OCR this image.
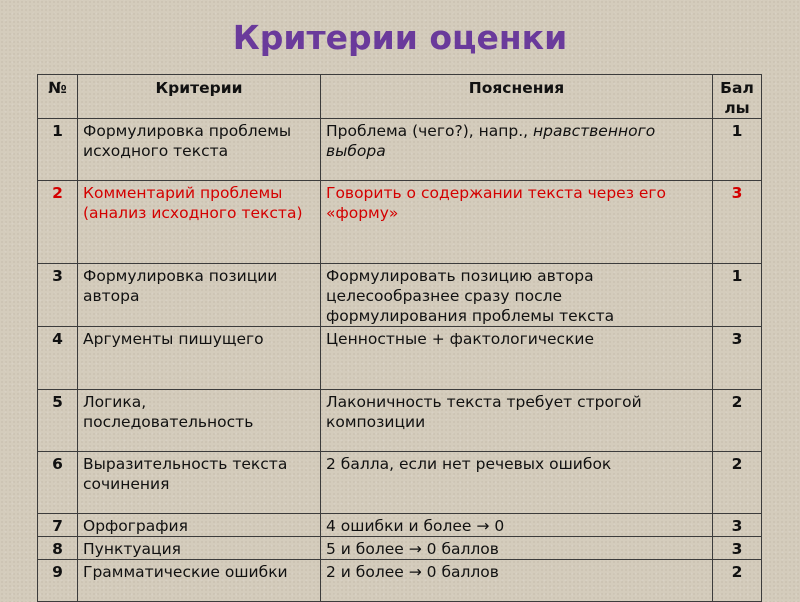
Критерии оценки
№	Критерии	Пояснения	Бал лы
1	Формулировка проблемы исходного текста	Проблема (чего?), напр., нравственного выбора	1
2	Комментарий проблемы (анализ исходного текста)	Говорить о содержании текста через его «форму»	3
3	Формулировка позиции автора	Формулировать позицию автора целесообразнее сразу после формулирования проблемы текста	1
4	Аргументы пишущего	Ценностные + фактологические	3
5	Логика, последовательность	Лаконичность текста требует строгой композиции	2
6	Выразительность текста сочинения	2 балла, если нет речевых ошибок	2
7	Орфография	4 ошибки и более → 0	3
8	Пунктуация	5 и более → 0 баллов	3
9	Грамматические ошибки	2 и более → 0 баллов	2
